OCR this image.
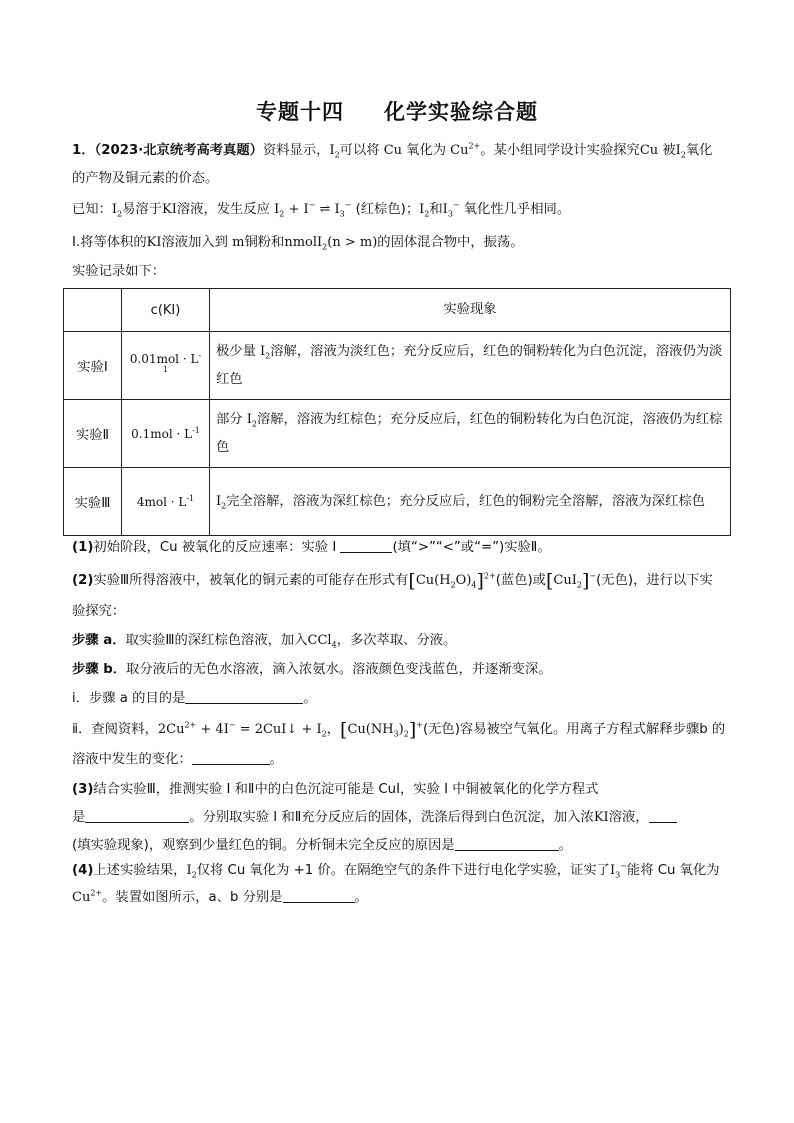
专题十四 化学实验综合题
1．（2023·北京统考高考真题）资料显示，$I_2$可以将 Cu 氧化为 $Cu^{2+}$。某小组同学设计实验探究Cu 被$I_2$氧化
的产物及铜元素的价态。
已知：$I_2$易溶于KI溶液，发生反应 $I_2 + I^-$ ⇌ $I_3^-$ (红棕色)；$I_2$和$I_3^-$ 氧化性几乎相同。
I.将等体积的KI溶液加入到 m铜粉和nmolI$_2$(n > m)的固体混合物中，振荡。
实验记录如下：
	c(KI)	实验现象
实验Ⅰ	$0.01mol \cdot L^{-1}$	极少量 $I_2$溶解，溶液为淡红色；充分反应后，红色的铜粉转化为白色沉淀，溶液仍为淡红色
实验Ⅱ	$0.1mol \cdot L^{-1}$	部分 $I_2$溶解，溶液为红棕色；充分反应后，红色的铜粉转化为白色沉淀，溶液仍为红棕色
实验Ⅲ	$4mol \cdot L^{-1}$	$I_2$完全溶解，溶液为深红棕色；充分反应后，红色的铜粉完全溶解，溶液为深红棕色
(1)初始阶段，Cu 被氧化的反应速率：实验 Ⅰ	(填“>”“<”或“=”)实验Ⅱ。
(2)实验Ⅲ所得溶液中，被氧化的铜元素的可能存在形式有$[Cu(H_2O)_4]^{2+}$(蓝色)或[CuI$_2$]−(无色)，进行以下实
验探究：
步骤 a．取实验Ⅲ的深红棕色溶液，加入CCl$_4$，多次萃取、分液。
步骤 b．取分液后的无色水溶液，滴入浓氨水。溶液颜色变浅蓝色，并逐渐变深。
ⅰ．步骤 a 的目的是	。
ⅱ．查阅资料，$2Cu^{2+} + 4I^-$ = 2CuI↓ + $I_2$，$[Cu(NH_3)_2]^+$(无色)容易被空气氧化。用离子方程式解释步骤b 的
溶液中发生的变化：	。
(3)结合实验Ⅲ，推测实验 Ⅰ 和Ⅱ中的白色沉淀可能是 CuI，实验 Ⅰ 中铜被氧化的化学方程式
是	。分别取实验 Ⅰ 和Ⅱ充分反应后的固体，洗涤后得到白色沉淀，加入浓KI溶液，
(填实验现象)，观察到少量红色的铜。分析铜未完全反应的原因是	。
(4)上述实验结果，$I_2$仅将 Cu 氧化为 +1 价。在隔绝空气的条件下进行电化学实验，证实了$I_3^-$能将 Cu 氧化为
$Cu^{2+}$。装置如图所示，a、b 分别是	。
